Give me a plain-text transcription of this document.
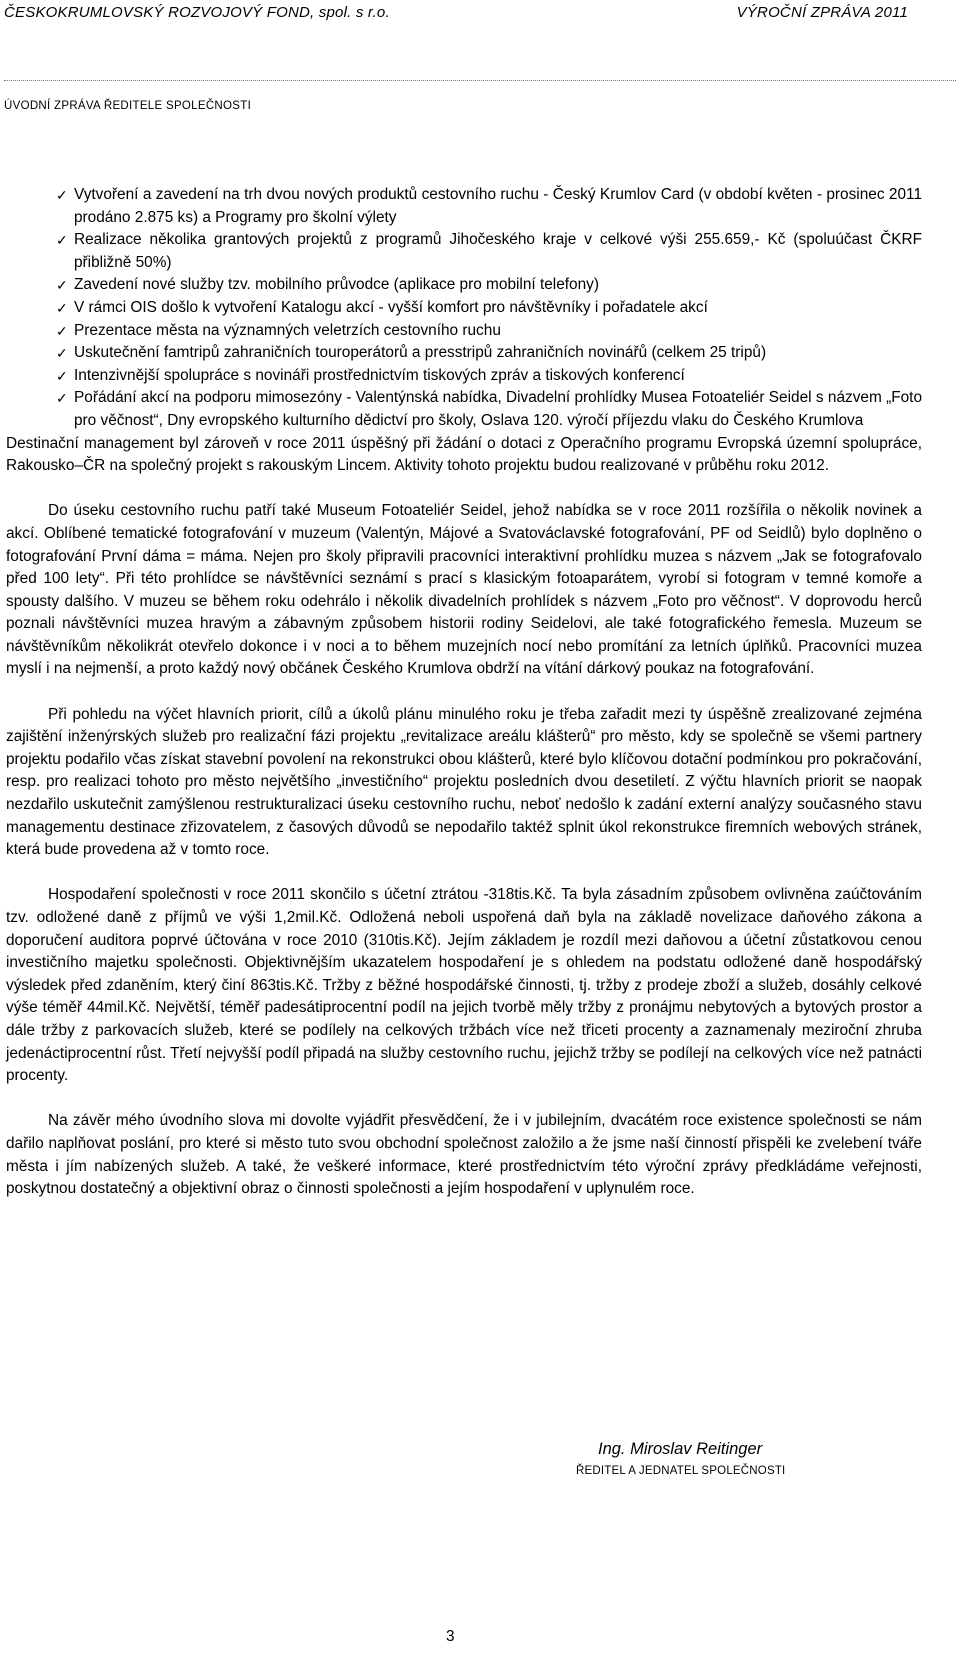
ČESKOKRUMLOVSKÝ ROZVOJOVÝ FOND, spol. s r.o.	VÝROČNÍ ZPRÁVA 2011
ÚVODNÍ ZPRÁVA ŘEDITELE SPOLEČNOSTI
✓ Vytvoření a zavedení na trh dvou nových produktů cestovního ruchu - Český Krumlov Card (v období květen - prosinec 2011 prodáno 2.875 ks) a Programy pro školní výlety
✓ Realizace několika grantových projektů z programů Jihočeského kraje v celkové výši 255.659,- Kč (spoluúčast ČKRF přibližně 50%)
✓ Zavedení nové služby tzv. mobilního průvodce (aplikace pro mobilní telefony)
✓ V rámci OIS došlo k vytvoření Katalogu akcí - vyšší komfort pro návštěvníky i pořadatele akcí
✓ Prezentace města na významných veletrzích cestovního ruchu
✓ Uskutečnění famtripů zahraničních touroperátorů a presstripů zahraničních novinářů (celkem 25 tripů)
✓ Intenzivnější spolupráce s novináři prostřednictvím tiskových zpráv a tiskových konferencí
✓ Pořádání akcí na podporu mimosezóny - Valentýnská nabídka, Divadelní prohlídky Musea Fotoateliér Seidel s názvem „Foto pro věčnost“, Dny evropského kulturního dědictví pro školy, Oslava 120. výročí příjezdu vlaku do Českého Krumlova

Destinační management byl zároveň v roce 2011 úspěšný při žádání o dotaci z Operačního programu Evropská územní spolupráce, Rakousko–ČR na společný projekt s rakouským Lincem. Aktivity tohoto projektu budou realizované v průběhu roku 2012.

Do úseku cestovního ruchu patří také Museum Fotoateliér Seidel, jehož nabídka se v roce 2011 rozšířila o několik novinek a akcí. Oblíbené tematické fotografování v muzeum (Valentýn, Májové a Svatováclavské fotografování, PF od Seidlů) bylo doplněno o fotografování První dáma = máma. Nejen pro školy připravili pracovníci interaktivní prohlídku muzea s názvem „Jak se fotografovalo před 100 lety“. Při této prohlídce se návštěvníci seznámí s prací s klasickým fotoaparátem, vyrobí si fotogram v temné komoře a spousty dalšího. V muzeu se během roku odehrálo i několik divadelních prohlídek s názvem „Foto pro věčnost“. V doprovodu herců poznali návštěvníci muzea hravým a zábavným způsobem historii rodiny Seidelovi, ale také fotografického řemesla. Muzeum se návštěvníkům několikrát otevřelo dokonce i v noci a to během muzejních nocí nebo promítání za letních úplňků. Pracovníci muzea myslí i na nejmenší, a proto každý nový občánek Českého Krumlova obdrží na vítání dárkový poukaz na fotografování.

Při pohledu na výčet hlavních priorit, cílů a úkolů plánu minulého roku je třeba zařadit mezi ty úspěšně zrealizované zejména zajištění inženýrských služeb pro realizační fázi projektu „revitalizace areálu klášterů“ pro město, kdy se společně se všemi partnery projektu podařilo včas získat stavební povolení na rekonstrukci obou klášterů, které bylo klíčovou dotační podmínkou pro pokračování, resp. pro realizaci tohoto pro město největšího „investičního“ projektu posledních dvou desetiletí. Z výčtu hlavních priorit se naopak nezdařilo uskutečnit zamýšlenou restrukturalizaci úseku cestovního ruchu, neboť nedošlo k zadání externí analýzy současného stavu managementu destinace zřizovatelem, z časových důvodů se nepodařilo taktéž splnit úkol rekonstrukce firemních webových stránek, která bude provedena až v tomto roce.

Hospodaření společnosti v roce 2011 skončilo s účetní ztrátou -318tis.Kč. Ta byla zásadním způsobem ovlivněna zaúčtováním tzv. odložené daně z příjmů ve výši 1,2mil.Kč. Odložená neboli uspořená daň byla na základě novelizace daňového zákona a doporučení auditora poprvé účtována v roce 2010 (310tis.Kč). Jejím základem je rozdíl mezi daňovou a účetní zůstatkovou cenou investičního majetku společnosti. Objektivnějším ukazatelem hospodaření je s ohledem na podstatu odložené daně hospodářský výsledek před zdaněním, který činí 863tis.Kč. Tržby z běžné hospodářské činnosti, tj. tržby z prodeje zboží a služeb, dosáhly celkové výše téměř 44mil.Kč. Největší, téměř padesátiprocentní podíl na jejich tvorbě měly tržby z pronájmu nebytových a bytových prostor a dále tržby z parkovacích služeb, které se podílely na celkových tržbách více než třiceti procenty a zaznamenaly meziroční zhruba jedenáctiprocentní růst. Třetí nejvyšší podíl připadá na služby cestovního ruchu, jejichž tržby se podílejí na celkových více než patnácti procenty.

Na závěr mého úvodního slova mi dovolte vyjádřit přesvědčení, že i v jubilejním, dvacátém roce existence společnosti se nám dařilo naplňovat poslání, pro které si město tuto svou obchodní společnost založilo a že jsme naší činností přispěli ke zvelebení tváře města i jím nabízených služeb. A také, že veškeré informace, které prostřednictvím této výroční zprávy předkládáme veřejnosti, poskytnou dostatečný a objektivní obraz o činnosti společnosti a jejím hospodaření v uplynulém roce.

Ing. Miroslav Reitinger
ŘEDITEL A JEDNATEL SPOLEČNOSTI
3
